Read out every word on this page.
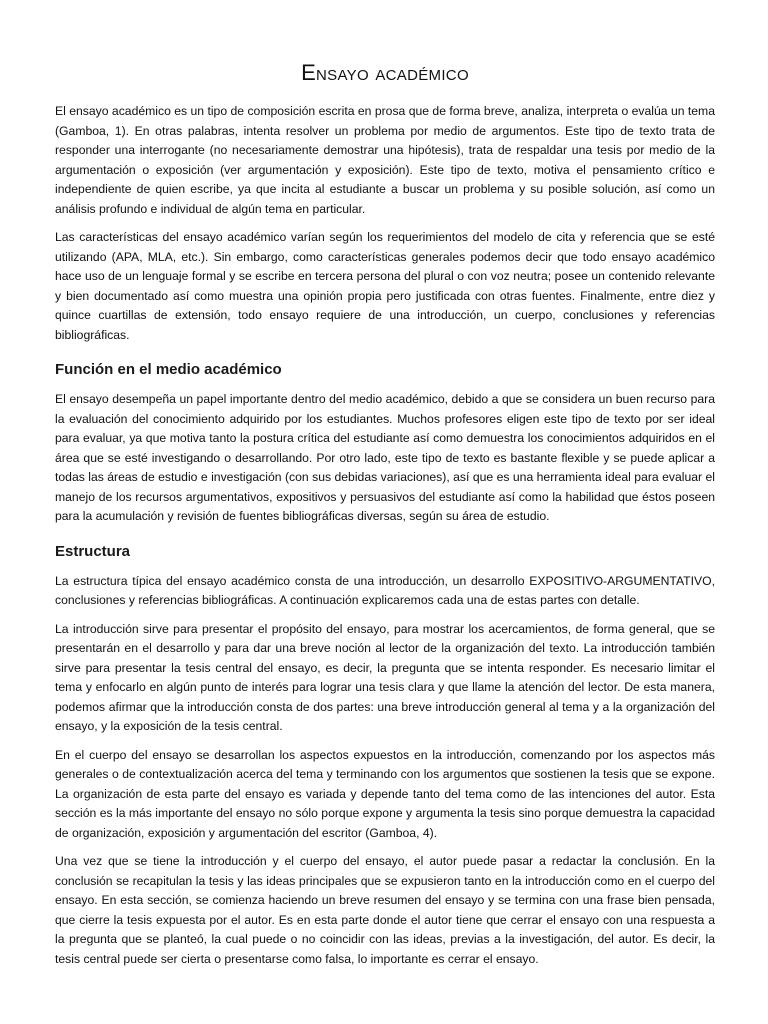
Ensayo académico

El ensayo académico es un tipo de composición escrita en prosa que de forma breve, analiza, interpreta o evalúa un tema (Gamboa, 1). En otras palabras, intenta resolver un problema por medio de argumentos. Este tipo de texto trata de responder una interrogante (no necesariamente demostrar una hipótesis), trata de respaldar una tesis por medio de la argumentación o exposición (ver argumentación y exposición). Este tipo de texto, motiva el pensamiento crítico e independiente de quien escribe, ya que incita al estudiante a buscar un problema y su posible solución, así como un análisis profundo e individual de algún tema en particular.

Las características del ensayo académico varían según los requerimientos del modelo de cita y referencia que se esté utilizando (APA, MLA, etc.). Sin embargo, como características generales podemos decir que todo ensayo académico hace uso de un lenguaje formal y se escribe en tercera persona del plural o con voz neutra; posee un contenido relevante y bien documentado así como muestra una opinión propia pero justificada con otras fuentes. Finalmente, entre diez y quince cuartillas de extensión, todo ensayo requiere de una introducción, un cuerpo, conclusiones y referencias bibliográficas.

Función en el medio académico

El ensayo desempeña un papel importante dentro del medio académico, debido a que se considera un buen recurso para la evaluación del conocimiento adquirido por los estudiantes. Muchos profesores eligen este tipo de texto por ser ideal para evaluar, ya que motiva tanto la postura crítica del estudiante así como demuestra los conocimientos adquiridos en el área que se esté investigando o desarrollando. Por otro lado, este tipo de texto es bastante flexible y se puede aplicar a todas las áreas de estudio e investigación (con sus debidas variaciones), así que es una herramienta ideal para evaluar el manejo de los recursos argumentativos, expositivos y persuasivos del estudiante así como la habilidad que éstos poseen para la acumulación y revisión de fuentes bibliográficas diversas, según su área de estudio.

Estructura

La estructura típica del ensayo académico consta de una introducción, un desarrollo EXPOSITIVO-ARGUMENTATIVO, conclusiones y referencias bibliográficas. A continuación explicaremos cada una de estas partes con detalle.

La introducción sirve para presentar el propósito del ensayo, para mostrar los acercamientos, de forma general, que se presentarán en el desarrollo y para dar una breve noción al lector de la organización del texto. La introducción también sirve para presentar la tesis central del ensayo, es decir, la pregunta que se intenta responder. Es necesario limitar el tema y enfocarlo en algún punto de interés para lograr una tesis clara y que llame la atención del lector. De esta manera, podemos afirmar que la introducción consta de dos partes: una breve introducción general al tema y a la organización del ensayo, y la exposición de la tesis central.

En el cuerpo del ensayo se desarrollan los aspectos expuestos en la introducción, comenzando por los aspectos más generales o de contextualización acerca del tema y terminando con los argumentos que sostienen la tesis que se expone. La organización de esta parte del ensayo es variada y depende tanto del tema como de las intenciones del autor. Esta sección es la más importante del ensayo no sólo porque expone y argumenta la tesis sino porque demuestra la capacidad de organización, exposición y argumentación del escritor (Gamboa, 4).

Una vez que se tiene la introducción y el cuerpo del ensayo, el autor puede pasar a redactar la conclusión. En la conclusión se recapitulan la tesis y las ideas principales que se expusieron tanto en la introducción como en el cuerpo del ensayo. En esta sección, se comienza haciendo un breve resumen del ensayo y se termina con una frase bien pensada, que cierre la tesis expuesta por el autor. Es en esta parte donde el autor tiene que cerrar el ensayo con una respuesta a la pregunta que se planteó, la cual puede o no coincidir con las ideas, previas a la investigación, del autor. Es decir, la tesis central puede ser cierta o presentarse como falsa, lo importante es cerrar el ensayo.
